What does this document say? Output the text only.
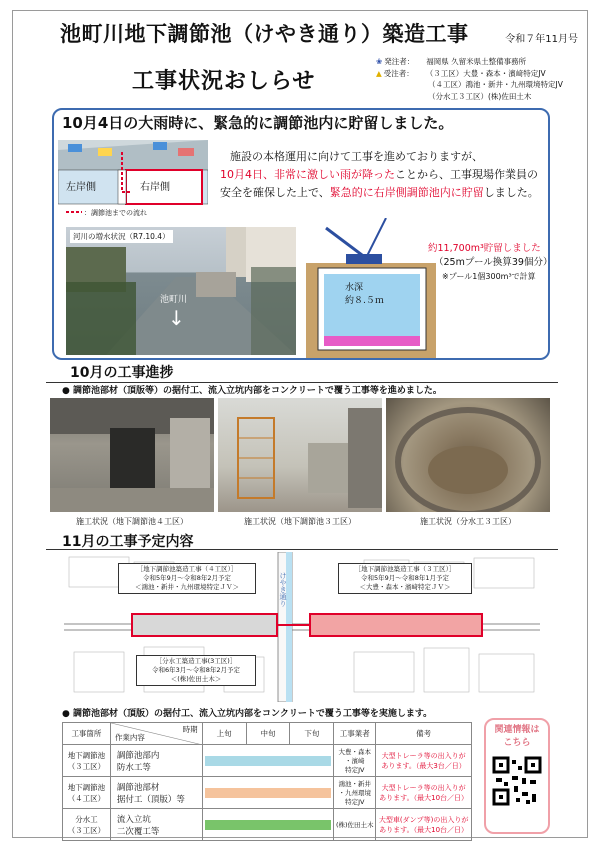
池町川地下調節池（けやき通り）築造工事	令和７年11月号
工事状況おしらせ
❀ 発注者：	福岡県 久留米県土整備事務所
▲ 受注者：	（３工区）大豊・森本・濱﨑特定JV
（４工区）鴻池・新井・九州環境特定JV
（分水工３工区）(株)佐田土木
10月4日の大雨時に、緊急的に調節池内に貯留しました。
左岸側	右岸側
：調節池までの流れ
施設の本格運用に向けて工事を進めておりますが、
10月4日、非常に激しい雨が降ったことから、工事現場作業員の
安全を確保した上で、緊急的に右岸側調節池内に貯留しました。
河川の増水状況（R7.10.4）
池町川
↓
水深
約８.５ｍ
約11,700m³貯留しました
（25mプール換算39個分）
※プール1個300m³で計算
10月の工事進捗
● 調節池部材（頂版等）の据付工、流入立坑内部をコンクリートで覆う工事等を進めました。
施工状況（地下調節池４工区）	施工状況（地下調節池３工区）	施工状況（分水工３工区）
11月の工事予定内容
けやき通り
［地下調節池築造工事（４工区）］
令和5年9月～令和8年2月予定
＜鴻池・新井・九州環境特定ＪＶ＞
［地下調節池築造工事（３工区）］
令和5年9月～令和8年1月予定
＜大豊・森本・濱﨑特定ＪＶ＞
［分水工築造工事(3工区)］
令和6年3月～令和8年2月予定
＜(株)佐田土木＞
● 調節池部材（頂版）の据付工、流入立坑内部をコンクリートで覆う工事等を実施します。
工事箇所	時期
作業内容	上旬	中旬	下旬	工事業者	備考
地下調節池
（３工区）	調節池部内
防水工等				大豊・森本
・濱﨑
特定JV	大型トレーラ等の出入りが
あります。（最大3台／日）
地下調節池
（４工区）	調節池部材
据付工（頂版）等				鴻池・新井
・九州環境
特定JV	大型トレーラ等の出入りが
あります。（最大10台／日）
分水工
（３工区）	流入立坑
二次覆工等				(株)佐田土木	大型車(ダンプ等)の出入りが
あります。（最大10台／日）
関連情報は
こちら
